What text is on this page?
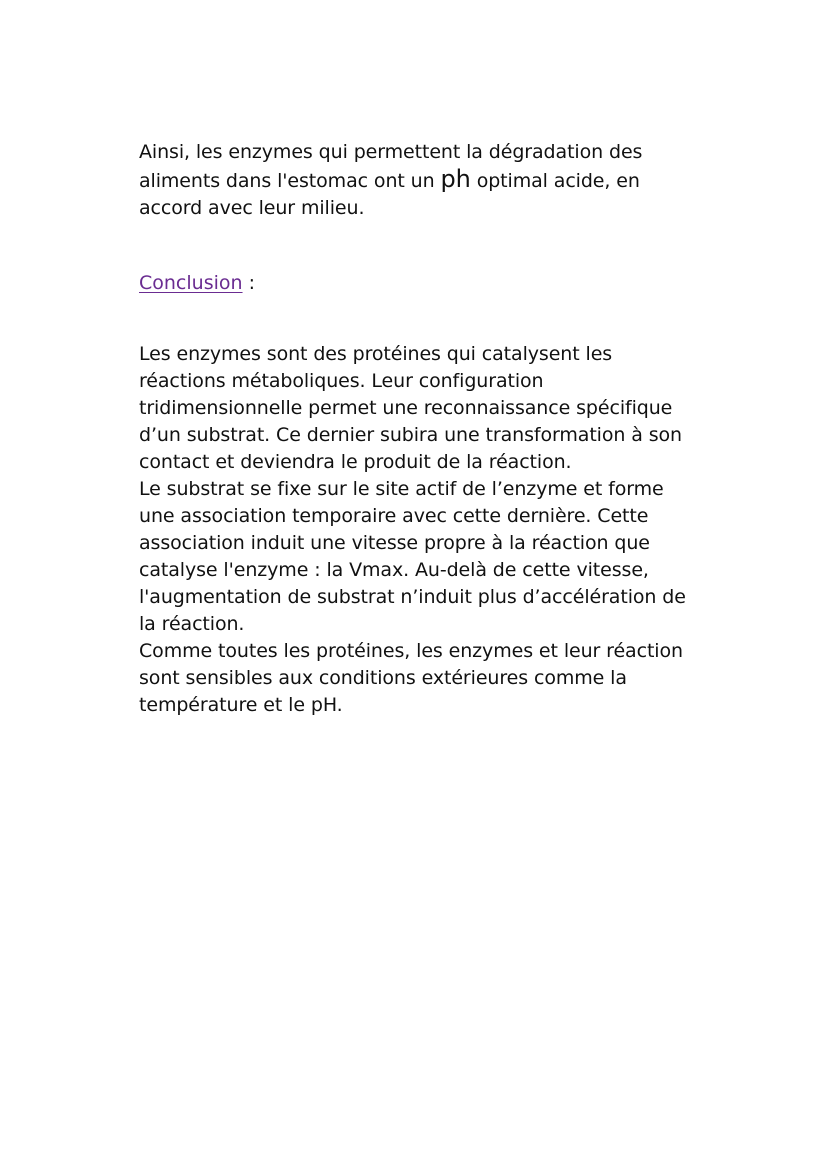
Ainsi, les enzymes qui permettent la dégradation des aliments dans l'estomac ont un ph optimal acide, en accord avec leur milieu.
Conclusion :

Les enzymes sont des protéines qui catalysent les réactions métaboliques. Leur configuration tridimensionnelle permet une reconnaissance spécifique d’un substrat. Ce dernier subira une transformation à son contact et deviendra le produit de la réaction.

Le substrat se fixe sur le site actif de l’enzyme et forme une association temporaire avec cette dernière. Cette association induit une vitesse propre à la réaction que catalyse l'enzyme : la Vmax. Au-delà de cette vitesse, l'augmentation de substrat n’induit plus d’accélération de la réaction.

Comme toutes les protéines, les enzymes et leur réaction sont sensibles aux conditions extérieures comme la température et le pH.
